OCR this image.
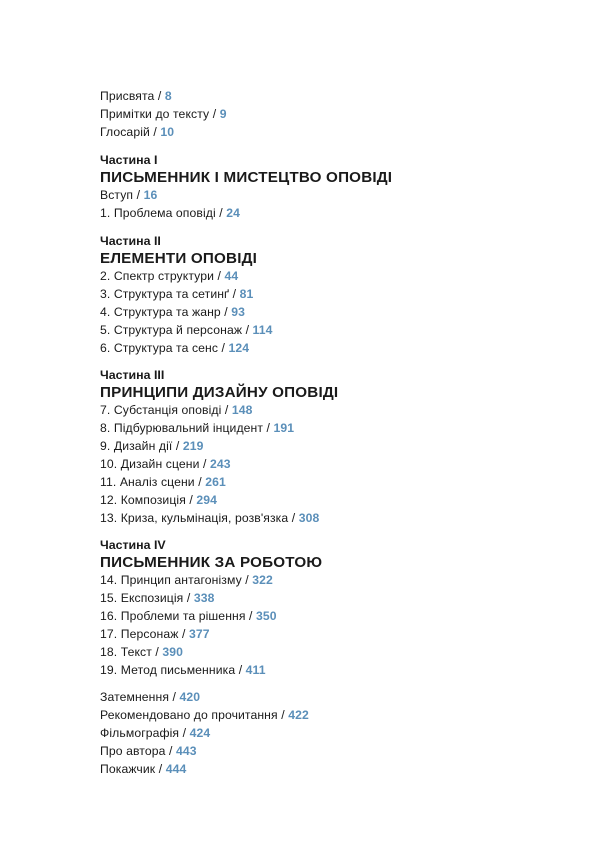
Присвята / 8
Примітки до тексту / 9
Глосарій / 10
Частина I
ПИСЬМЕННИК І МИСТЕЦТВО ОПОВІДІ
Вступ / 16
1. Проблема оповіді / 24
Частина II
ЕЛЕМЕНТИ ОПОВІДІ
2. Спектр структури / 44
3. Структура та сетинґ / 81
4. Структура та жанр / 93
5. Структура й персонаж / 114
6. Структура та сенс / 124
Частина III
ПРИНЦИПИ ДИЗАЙНУ ОПОВІДІ
7. Субстанція оповіді / 148
8. Підбурювальний інцидент / 191
9. Дизайн дії / 219
10. Дизайн сцени / 243
11. Аналіз сцени / 261
12. Композиція / 294
13. Криза, кульмінація, розв'язка / 308
Частина IV
ПИСЬМЕННИК ЗА РОБОТОЮ
14. Принцип антагонізму / 322
15. Експозиція / 338
16. Проблеми та рішення / 350
17. Персонаж / 377
18. Текст / 390
19. Метод письменника / 411
Затемнення / 420
Рекомендовано до прочитання / 422
Фільмографія / 424
Про автора / 443
Покажчик / 444
